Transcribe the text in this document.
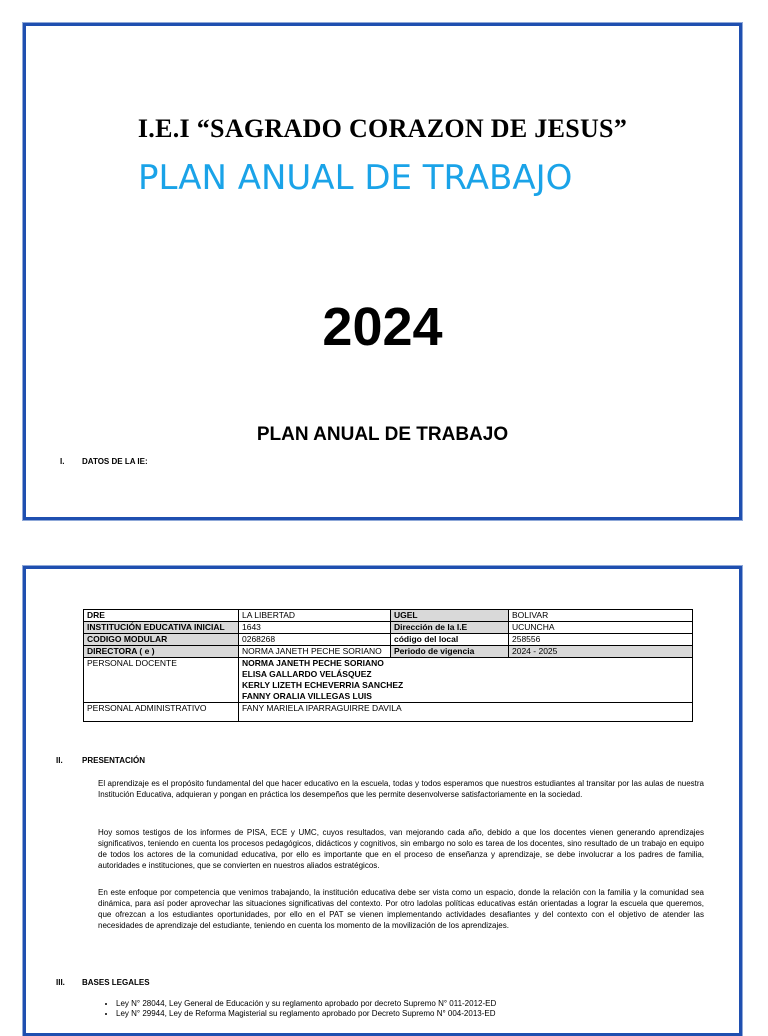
I.E.I “SAGRADO CORAZON DE JESUS”
PLAN ANUAL DE TRABAJO
2024
PLAN ANUAL DE TRABAJO
I. DATOS DE LA IE:
DRE	LA LIBERTAD	UGEL	BOLIVAR
INSTITUCIÓN EDUCATIVA INICIAL	1643	Dirección de la I.E	UCUNCHA
CODIGO MODULAR	0268268	código del local	258556
DIRECTORA ( e )	NORMA JANETH PECHE SORIANO	Periodo de vigencia	2024 - 2025
PERSONAL DOCENTE	NORMA JANETH PECHE SORIANO
ELISA GALLARDO VELÁSQUEZ
KERLY LIZETH ECHEVERRIA SANCHEZ
FANNY ORALIA VILLEGAS LUIS		

PERSONAL ADMINISTRATIVO	FANY MARIELA IPARRAGUIRRE DAVILA		
II. PRESENTACIÓN

El aprendizaje es el propósito fundamental del que hacer educativo en la escuela, todas y todos esperamos que nuestros estudiantes al transitar por las aulas de nuestra Institución Educativa, adquieran y pongan en práctica los desempeños que les permite desenvolverse satisfactoriamente en la sociedad.

Hoy somos testigos de los informes de PISA, ECE y UMC, cuyos resultados, van mejorando cada año, debido a que los docentes vienen generando aprendizajes significativos, teniendo en cuenta los procesos pedagógicos, didácticos y cognitivos, sin embargo no solo es tarea de los docentes, sino resultado de un trabajo en equipo de todos los actores de la comunidad educativa, por ello es importante que en el proceso de enseñanza y aprendizaje, se debe involucrar a los padres de familia, autoridades e instituciones, que se convierten en nuestros aliados estratégicos.

En este enfoque por competencia que venimos trabajando, la institución educativa debe ser vista como un espacio, donde la relación con la familia y la comunidad sea dinámica, para así poder aprovechar las situaciones significativas del contexto. Por otro ladolas políticas educativas están orientadas a lograr la escuela que queremos, que ofrezcan a los estudiantes oportunidades, por ello en el PAT se vienen implementando actividades desafiantes y del contexto con el objetivo de atender las necesidades de aprendizaje del estudiante, teniendo en cuenta los momento de la movilización de los aprendizajes.

III. BASES LEGALES
• Ley N° 28044, Ley General de Educación y su reglamento aprobado por decreto Supremo N° 011-2012-ED
• Ley N° 29944, Ley de Reforma Magisterial su reglamento aprobado por Decreto Supremo N° 004-2013-ED
